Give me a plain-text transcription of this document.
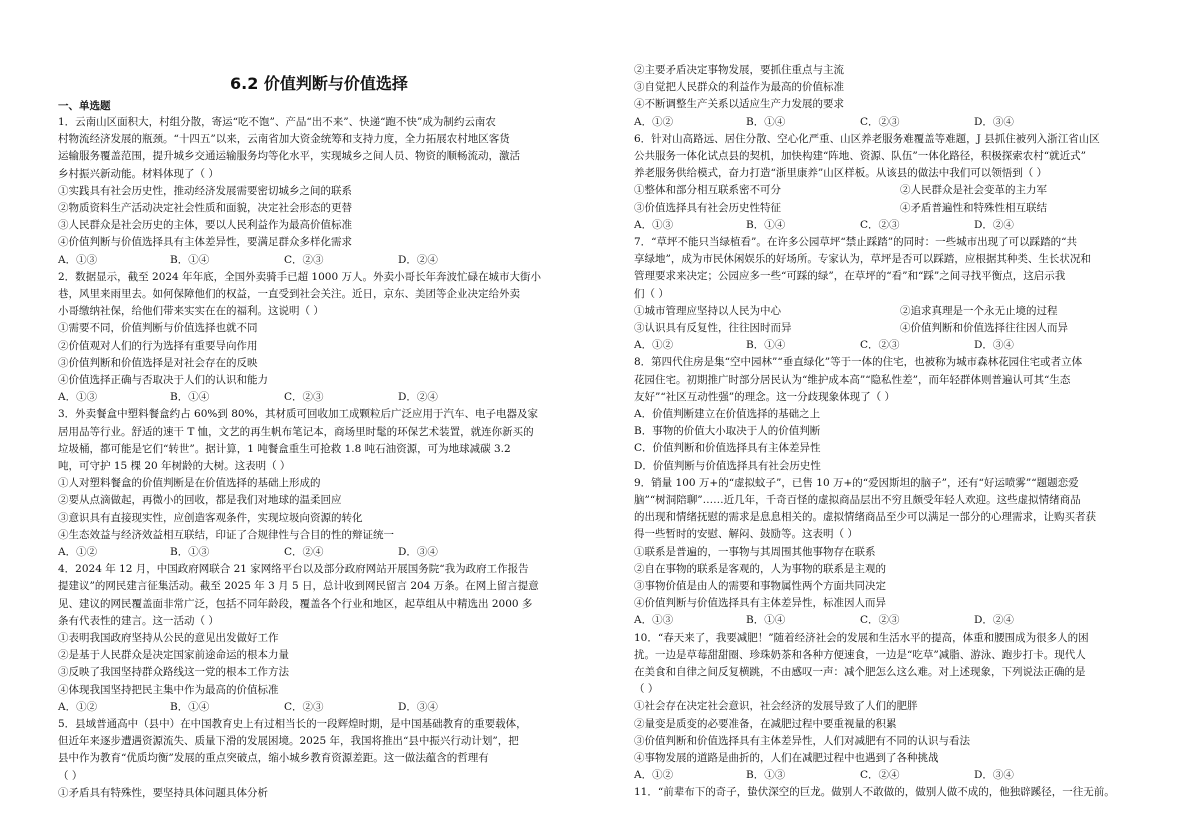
6.2 价值判断与价值选择
一、单选题
1．云南山区面积大，村组分散，寄运“吃不饱”、产品“出不来”、快递“跑不快”成为制约云南农
村物流经济发展的瓶颈。“十四五”以来，云南省加大资金统筹和支持力度，全力拓展农村地区客货
运输服务覆盖范围，提升城乡交通运输服务均等化水平，实现城乡之间人员、物资的顺畅流动，激活
乡村振兴新动能。材料体现了（ ）
①实践具有社会历史性，推动经济发展需要密切城乡之间的联系
②物质资料生产活动决定社会性质和面貌，决定社会形态的更替
③人民群众是社会历史的主体，要以人民利益作为最高价值标准
④价值判断与价值选择具有主体差异性，要满足群众多样化需求
A．①③	B．①④	C．②③	D．②④
2．数据显示，截至 2024 年年底，全国外卖骑手已超 1000 万人。外卖小哥长年奔波忙碌在城市大街小
巷，风里来雨里去。如何保障他们的权益，一直受到社会关注。近日，京东、美团等企业决定给外卖
小哥缴纳社保，给他们带来实实在在的福利。这说明（ ）
①需要不同，价值判断与价值选择也就不同
②价值观对人们的行为选择有重要导向作用
③价值判断和价值选择是对社会存在的反映
④价值选择正确与否取决于人们的认识和能力
A．①③	B．①④	C．②③	D．②④
3．外卖餐盒中塑料餐盒约占 60%到 80%，其材质可回收加工成颗粒后广泛应用于汽车、电子电器及家
居用品等行业。舒适的速干 T 恤，文艺的再生帆布笔记本，商场里时髦的环保艺术装置，就连你新买的
垃圾桶，都可能是它们“转世”。据计算，1 吨餐盒重生可抢救 1.8 吨石油资源，可为地球减碳 3.2
吨，可守护 15 棵 20 年树龄的大树。这表明（ ）
①人对塑料餐盒的价值判断是在价值选择的基础上形成的
②要从点滴做起，再微小的回收，都是我们对地球的温柔回应
③意识具有直接现实性，应创造客观条件，实现垃圾向资源的转化
④生态效益与经济效益相互联结，印证了合规律性与合目的性的辩证统一
A．①②	B．①③	C．②④	D．③④
4．2024 年 12 月，中国政府网联合 21 家网络平台以及部分政府网站开展国务院“我为政府工作报告
提建议”的网民建言征集活动。截至 2025 年 3 月 5 日，总计收到网民留言 204 万条。在网上留言提意
见、建议的网民覆盖面非常广泛，包括不同年龄段，覆盖各个行业和地区，起草组从中精选出 2000 多
条有代表性的建言。这一活动（ ）
①表明我国政府坚持从公民的意见出发做好工作
②是基于人民群众是决定国家前途命运的根本力量
③反映了我国坚持群众路线这一党的根本工作方法
④体现我国坚持把民主集中作为最高的价值标准
A．①②	B．①④	C．②③	D．③④
5．县域普通高中（县中）在中国教育史上有过相当长的一段辉煌时期，是中国基础教育的重要载体，
但近年来逐步遭遇资源流失、质量下滑的发展困境。2025 年，我国将推出“县中振兴行动计划”，把
县中作为教育“优质均衡”发展的重点突破点，缩小城乡教育资源差距。这一做法蕴含的哲理有
（ ）
①矛盾具有特殊性，要坚持具体问题具体分析
②主要矛盾决定事物发展，要抓住重点与主流
③自觉把人民群众的利益作为最高的价值标准
④不断调整生产关系以适应生产力发展的要求
A．①②	B．①④	C．②③	D．③④
6．针对山高路远、居住分散、空心化严重、山区养老服务难覆盖等难题，J 县抓住被列入浙江省山区
公共服务一体化试点县的契机，加快构建“阵地、资源、队伍”一体化路径，积极探索农村“就近式”
养老服务供给模式，奋力打造“浙里康养”山区样板。从该县的做法中我们可以领悟到（ ）
①整体和部分相互联系密不可分	②人民群众是社会变革的主力军
③价值选择具有社会历史性特征	④矛盾普遍性和特殊性相互联结
A．①③	B．①④	C．②③	D．②④
7．“草坪不能只当绿植看”。在许多公园草坪“禁止踩踏”的同时：一些城市出现了可以踩踏的“共
享绿地”，成为市民休闲娱乐的好场所。专家认为，草坪是否可以踩踏，应根据其种类、生长状况和
管理要求来决定；公园应多一些“可踩的绿”，在草坪的“看”和“踩”之间寻找平衡点，这启示我
们（ ）
①城市管理应坚持以人民为中心	②追求真理是一个永无止境的过程
③认识具有反复性，往往因时而异	④价值判断和价值选择往往因人而异
A．①②	B．①④	C．②③	D．③④
8．第四代住房是集“空中园林”“垂直绿化”等于一体的住宅，也被称为城市森林花园住宅或者立体
花园住宅。初期推广时部分居民认为“维护成本高”“隐私性差”，而年轻群体则普遍认可其“生态
友好”“社区互动性强”的理念。这一分歧现象体现了（ ）
A．价值判断建立在价值选择的基础之上
B．事物的价值大小取决于人的价值判断
C．价值判断和价值选择具有主体差异性
D．价值判断与价值选择具有社会历史性
9．销量 100 万+的“虚拟蚊子”，已售 10 万+的“爱因斯坦的脑子”，还有“好运喷雾”“题题恋爱
脑”“树洞陪聊”……近几年，千奇百怪的虚拟商品层出不穷且颇受年轻人欢迎。这些虚拟情绪商品
的出现和情绪抚慰的需求是息息相关的。虚拟情绪商品至少可以满足一部分的心理需求，让购买者获
得一些暂时的安慰、解闷、鼓励等。这表明（ ）
①联系是普遍的，一事物与其周围其他事物存在联系
②自在事物的联系是客观的，人为事物的联系是主观的
③事物价值是由人的需要和事物属性两个方面共同决定
④价值判断与价值选择具有主体差异性，标准因人而异
A．①③	B．①④	C．②③	D．②④
10．“春天来了，我要减肥！”随着经济社会的发展和生活水平的提高，体重和腰围成为很多人的困
扰。一边是草莓甜甜圈、珍珠奶茶和各种方便速食，一边是“吃草”减脂、游泳、跑步打卡。现代人
在美食和自律之间反复横跳，不由感叹一声：减个肥怎么这么难。对上述现象，下列说法正确的是
（ ）
①社会存在决定社会意识，社会经济的发展导致了人们的肥胖
②量变是质变的必要准备，在减肥过程中要重视量的积累
③价值判断和价值选择具有主体差异性，人们对减肥有不同的认识与看法
④事物发展的道路是曲折的，人们在减肥过程中也遇到了各种挑战
A．①②	B．①③	C．②④	D．③④
11．“前辈布下的奇子，蛰伏深空的巨龙。做别人不敢做的，做别人做不成的，他独辟蹊径，一往无前。
